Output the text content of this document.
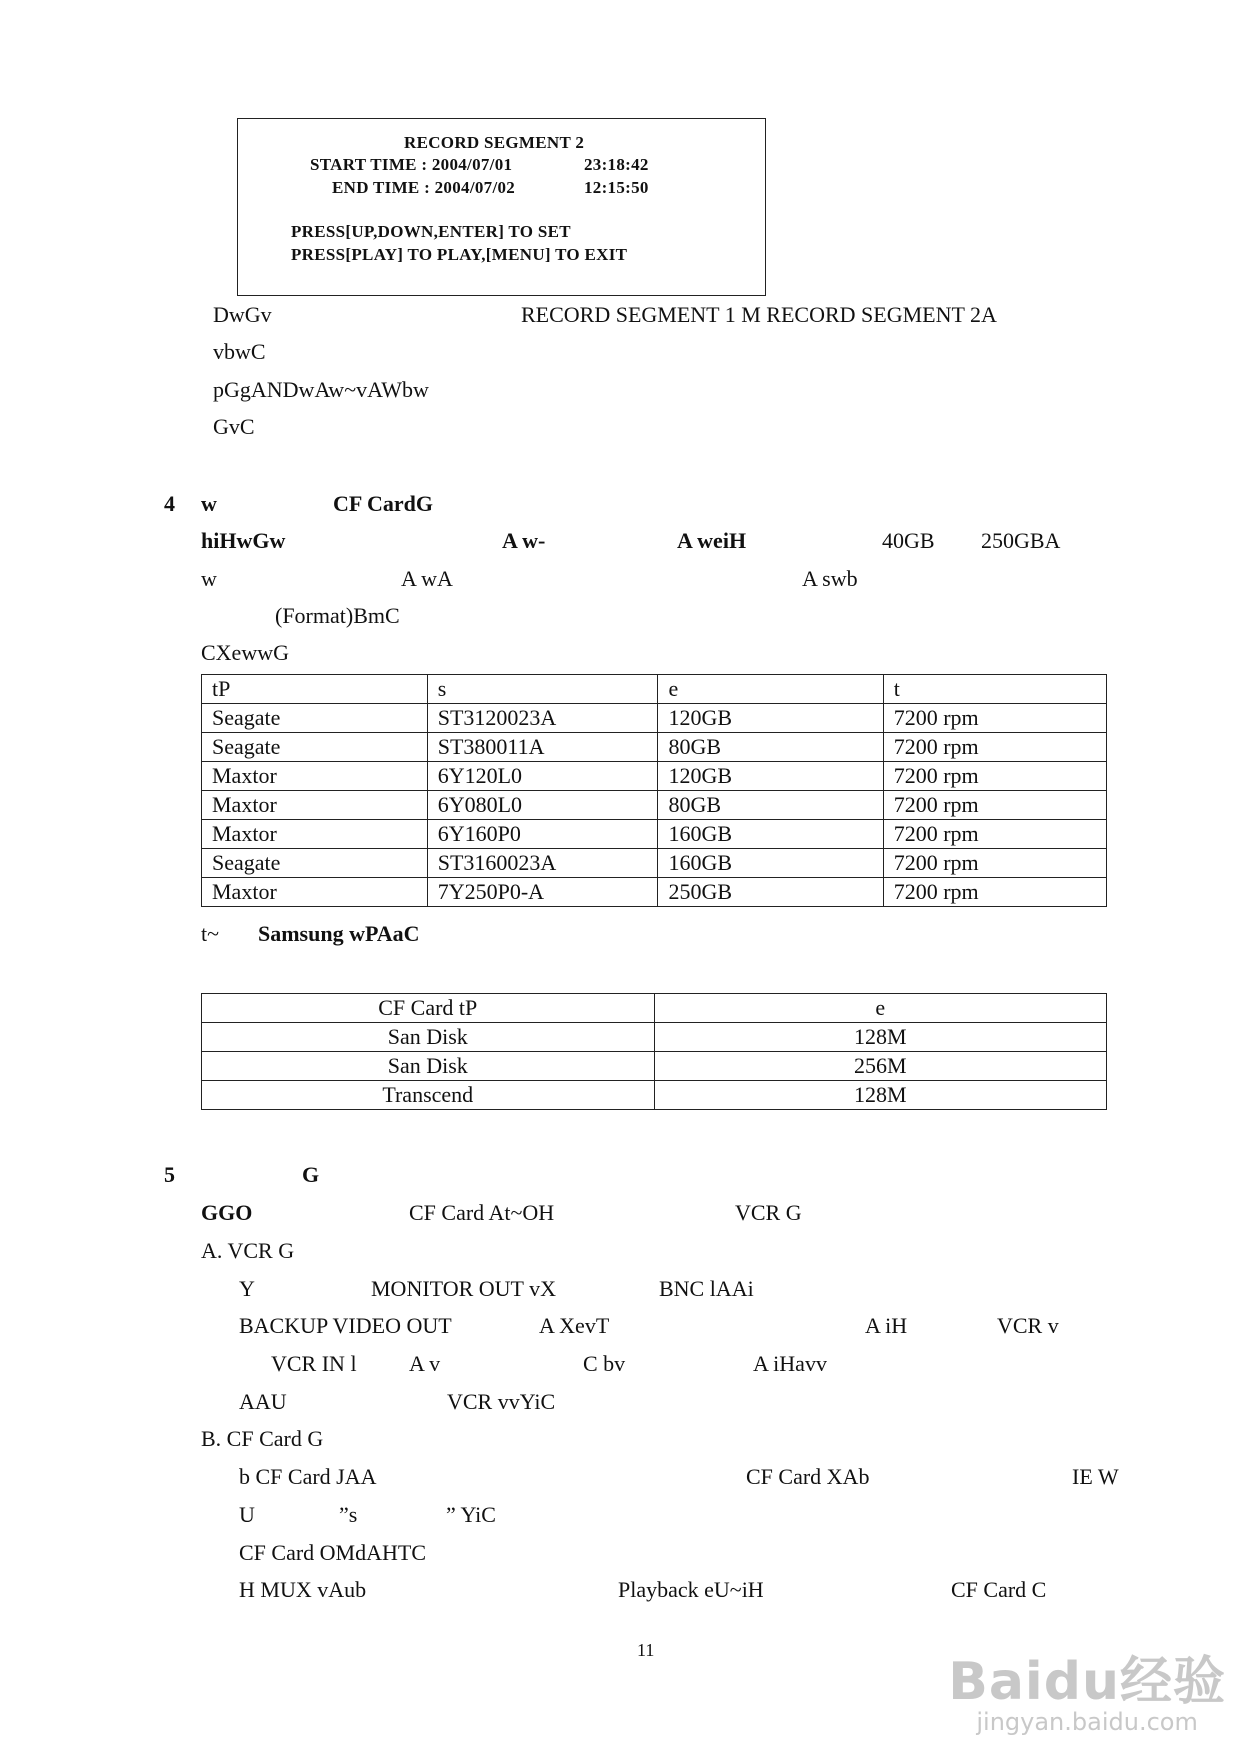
RECORD SEGMENT 2
START TIME : 2004/07/01	23:18:42
END TIME : 2004/07/02	12:15:50
PRESS[UP,DOWN,ENTER] TO SET
PRESS[PLAY] TO PLAY,[MENU] TO EXIT
DwGv	RECORD SEGMENT 1 M RECORD SEGMENT 2A
vbwC
pGgANDwAw~vAWbw
GvC
4 w	CF CardG
hiHwGw	A w-	A weiH	40GB 250GBA
w	A wA	A swb
(Format)BmC
CXewwG
tP	s	e	t
Seagate	ST3120023A	120GB	7200 rpm
Seagate	ST380011A	80GB	7200 rpm
Maxtor	6Y120L0	120GB	7200 rpm
Maxtor	6Y080L0	80GB	7200 rpm
Maxtor	6Y160P0	160GB	7200 rpm
Seagate	ST3160023A	160GB	7200 rpm
Maxtor	7Y250P0-A	250GB	7200 rpm
t~ Samsung wPAaC
CF Card tP	e
San Disk	128M
San Disk	256M
Transcend	128M
5	G
GGO	CF Card At~OH	VCR G
A. VCR G
Y	MONITOR OUT vX	BNC lAAi
BACKUP VIDEO OUT	A XevT	A iH	VCR v
VCR IN l A v	C bv	A iHavv
AAU	VCR vvYiC
B. CF Card G
b CF Card JAA	CF Card XAb	IE W
U	”s	” YiC
CF Card OMdAHTC
H MUX vAub	Playback eU~iH	CF Card C
11
Baidu经验
jingyan.baidu.com
